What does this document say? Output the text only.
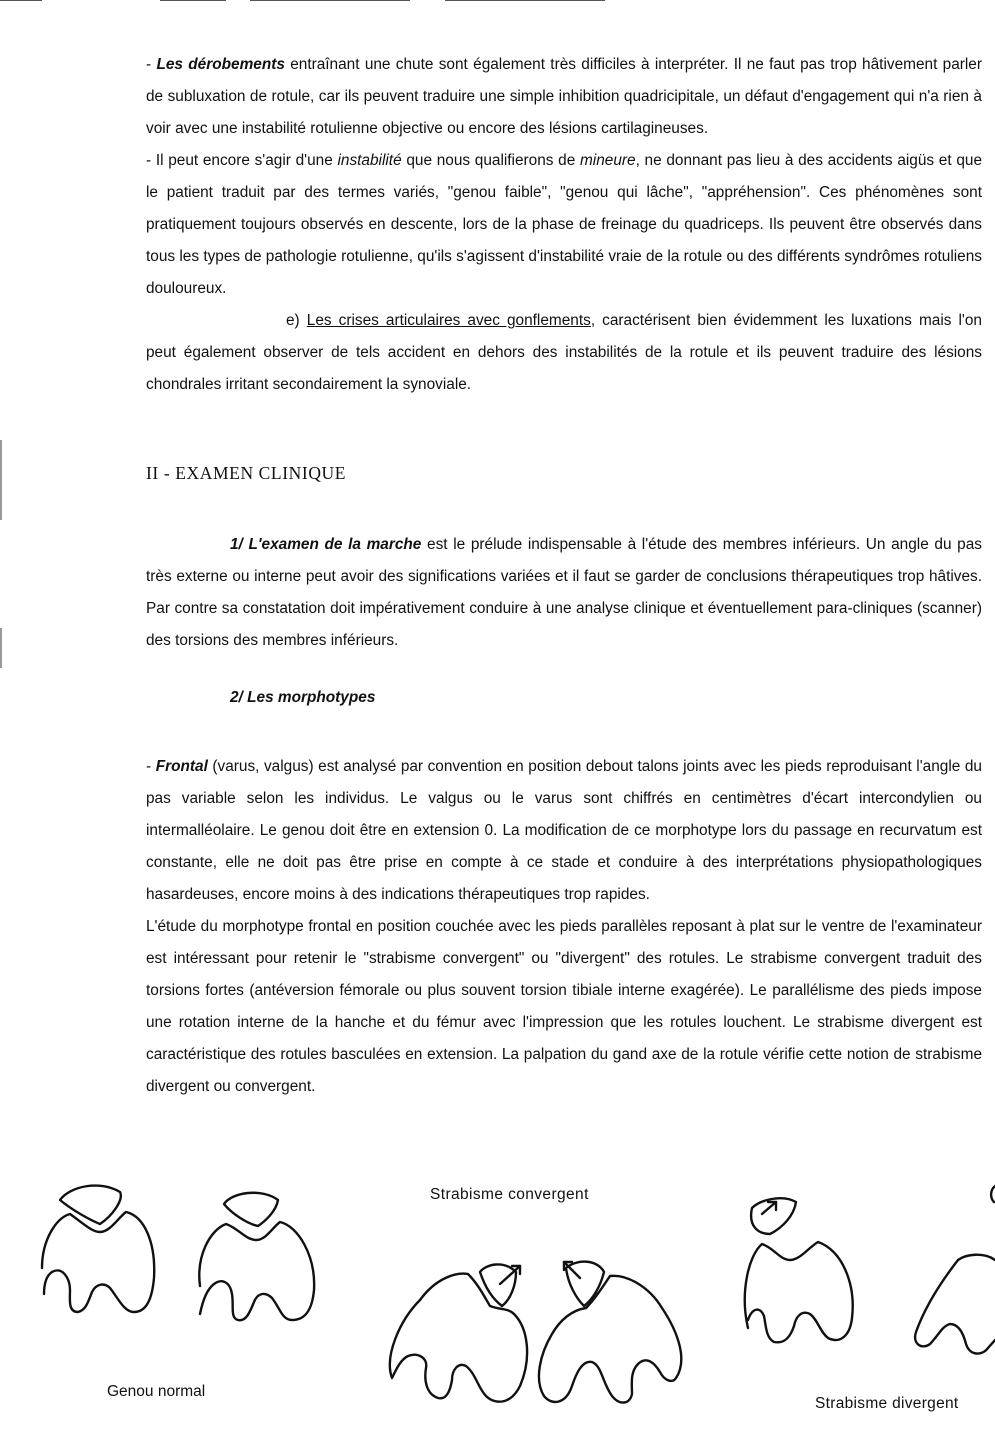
- Les dérobements entraînant une chute sont également très difficiles à interpréter. Il ne faut pas trop hâtivement parler de subluxation de rotule, car ils peuvent traduire une simple inhibition quadricipitale, un défaut d'engagement qui n'a rien à voir avec une instabilité rotulienne objective ou encore des lésions cartilagineuses.

- Il peut encore s'agir d'une instabilité que nous qualifierons de mineure, ne donnant pas lieu à des accidents aigüs et que le patient traduit par des termes variés, "genou faible", "genou qui lâche", "appréhension". Ces phénomènes sont pratiquement toujours observés en descente, lors de la phase de freinage du quadriceps. Ils peuvent être observés dans tous les types de pathologie rotulienne, qu'ils s'agissent d'instabilité vraie de la rotule ou des différents syndrômes rotuliens douloureux.

e) Les crises articulaires avec gonflements, caractérisent bien évidemment les luxations mais l'on peut également observer de tels accident en dehors des instabilités de la rotule et ils peuvent traduire des lésions chondrales irritant secondairement la synoviale.

II - EXAMEN CLINIQUE

1/ L'examen de la marche est le prélude indispensable à l'étude des membres inférieurs. Un angle du pas très externe ou interne peut avoir des significations variées et il faut se garder de conclusions thérapeutiques trop hâtives. Par contre sa constatation doit impérativement conduire à une analyse clinique et éventuellement para-cliniques (scanner) des torsions des membres inférieurs.

2/ Les morphotypes

- Frontal (varus, valgus) est analysé par convention en position debout talons joints avec les pieds reproduisant l'angle du pas variable selon les individus. Le valgus ou le varus sont chiffrés en centimètres d'écart intercondylien ou intermalléolaire. Le genou doit être en extension 0. La modification de ce morphotype lors du passage en recurvatum est constante, elle ne doit pas être prise en compte à ce stade et conduire à des interprétations physiopathologiques hasardeuses, encore moins à des indications thérapeutiques trop rapides.

L'étude du morphotype frontal en position couchée avec les pieds parallèles reposant à plat sur le ventre de l'examinateur est intéressant pour retenir le "strabisme convergent" ou "divergent" des rotules. Le strabisme convergent traduit des torsions fortes (antéversion fémorale ou plus souvent torsion tibiale interne exagérée). Le parallélisme des pieds impose une rotation interne de la hanche et du fémur avec l'impression que les rotules louchent. Le strabisme divergent est caractéristique des rotules basculées en extension. La palpation du gand axe de la rotule vérifie cette notion de strabisme divergent ou convergent.

Strabisme convergent
Genou normal
Strabisme divergent
